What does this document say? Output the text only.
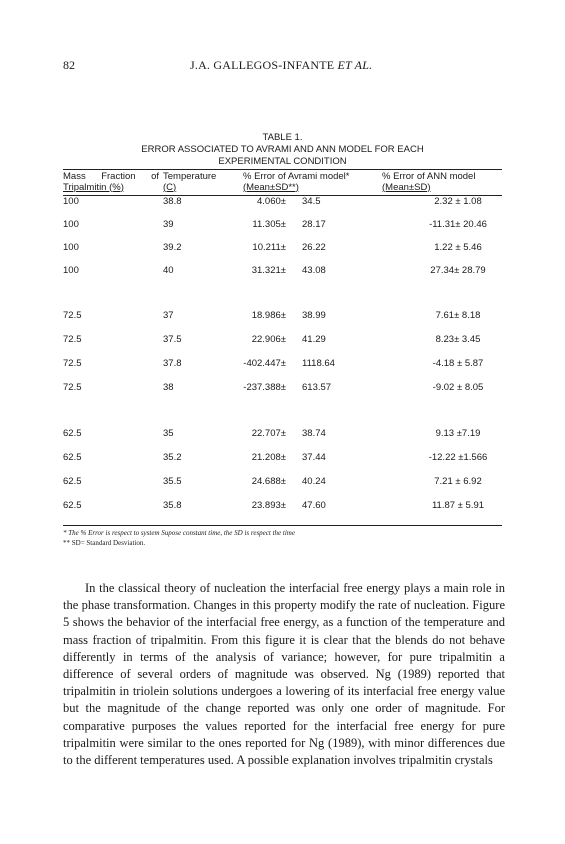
82	J.A. GALLEGOS-INFANTE ET AL.
TABLE 1.
ERROR ASSOCIATED TO AVRAMI AND ANN MODEL FOR EACH
EXPERIMENTAL CONDITION
Mass Fraction of
Tripalmitin (%)
Temperature
(C)
% Error of Avrami model*
(Mean±SD**)
% Error of ANN model
(Mean±SD)
100	38.8	4.060± 34.5	2.32 ± 1.08
100	39	11.305± 28.17	-11.31± 20.46
100	39.2	10.211± 26.22	1.22 ± 5.46
100	40	31.321± 43.08	27.34± 28.79
72.5	37	18.986± 38.99	7.61± 8.18
72.5	37.5	22.906± 41.29	8.23± 3.45
72.5	37.8	-402.447± 1118.64	-4.18 ± 5.87
72.5	38	-237.388± 613.57	-9.02 ± 8.05
62.5	35	22.707± 38.74	9.13 ±7.19
62.5	35.2	21.208± 37.44	-12.22 ±1.566
62.5	35.5	24.688± 40.24	7.21 ± 6.92
62.5	35.8	23.893± 47.60	11.87 ± 5.91
* The % Error is respect to system Supose constant time, the SD is respect the time
** SD= Standard Desviation.

In the classical theory of nucleation the interfacial free energy plays a main role in the phase transformation. Changes in this property modify the rate of nucleation. Figure 5 shows the behavior of the interfacial free energy, as a function of the temperature and mass fraction of tripalmitin. From this figure it is clear that the blends do not behave differently in terms of the analysis of variance; however, for pure tripalmitin a difference of several orders of magnitude was observed. Ng (1989) reported that tripalmitin in triolein solutions undergoes a lowering of its interfacial free energy value but the magnitude of the change reported was only one order of magnitude. For comparative purposes the values reported for the interfacial free energy for pure tripalmitin were similar to the ones reported for Ng (1989), with minor differences due to the different temperatures used. A possible explanation involves tripalmitin crystals
